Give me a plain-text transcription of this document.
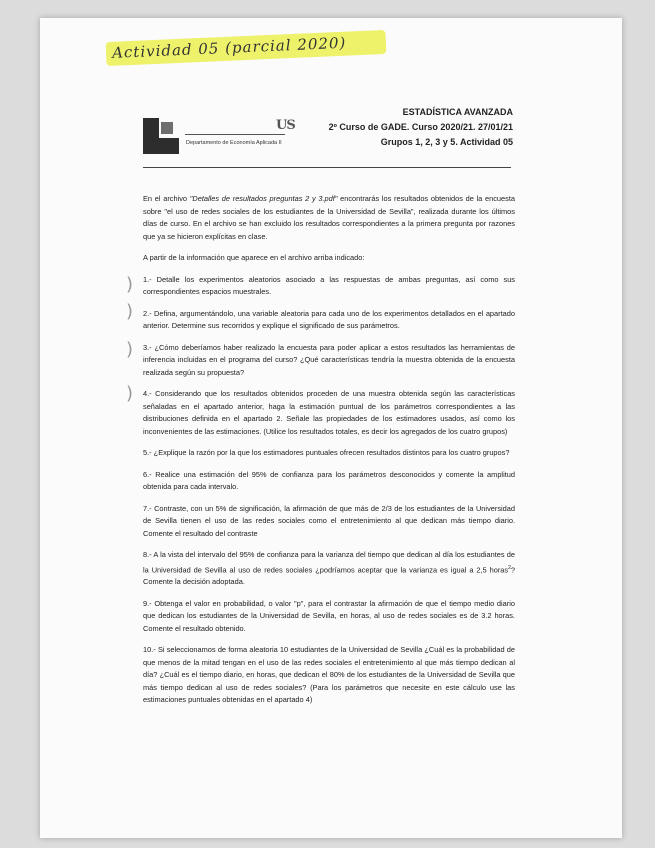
Actividad 05 (parcial 2020)
Departamento de Economía Aplicada II
US
ESTADÍSTICA AVANZADA
2º Curso de GADE. Curso 2020/21. 27/01/21
Grupos 1, 2, 3 y 5. Actividad 05
)
)
)
)

En el archivo "Detalles de resultados preguntas 2 y 3.pdf" encontrarás los resultados obtenidos de la encuesta sobre "el uso de redes sociales de los estudiantes de la Universidad de Sevilla", realizada durante los últimos días de curso. En el archivo se han excluido los resultados correspondientes a la primera pregunta por razones que ya se hicieron explícitas en clase.

A partir de la información que aparece en el archivo arriba indicado:

1.- Detalle los experimentos aleatorios asociado a las respuestas de ambas preguntas, así como sus correspondientes espacios muestrales.

2.- Defina, argumentándolo, una variable aleatoria para cada uno de los experimentos detallados en el apartado anterior. Determine sus recorridos y explique el significado de sus parámetros.

3.- ¿Cómo deberíamos haber realizado la encuesta para poder aplicar a estos resultados las herramientas de inferencia incluidas en el programa del curso? ¿Qué características tendría la muestra obtenida de la encuesta realizada según su propuesta?

4.- Considerando que los resultados obtenidos proceden de una muestra obtenida según las características señaladas en el apartado anterior, haga la estimación puntual de los parámetros correspondientes a las distribuciones definida en el apartado 2. Señale las propiedades de los estimadores usados, así como los inconvenientes de las estimaciones. (Utilice los resultados totales, es decir los agregados de los cuatro grupos)

5.- ¿Explique la razón por la que los estimadores puntuales ofrecen resultados distintos para los cuatro grupos?

6.- Realice una estimación del 95% de confianza para los parámetros desconocidos y comente la amplitud obtenida para cada intervalo.

7.- Contraste, con un 5% de significación, la afirmación de que más de 2/3 de los estudiantes de la Universidad de Sevilla tienen el uso de las redes sociales como el entretenimiento al que dedican más tiempo diario. Comente el resultado del contraste

8.- A la vista del intervalo del 95% de confianza para la varianza del tiempo que dedican al día los estudiantes de la Universidad de Sevilla al uso de redes sociales ¿podríamos aceptar que la varianza es igual a 2,5 horas$^2$? Comente la decisión adoptada.

9.- Obtenga el valor en probabilidad, o valor "p", para el contrastar la afirmación de que el tiempo medio diario que dedican los estudiantes de la Universidad de Sevilla, en horas, al uso de redes sociales es de 3.2 horas. Comente el resultado obtenido.

10.- Si seleccionamos de forma aleatoria 10 estudiantes de la Universidad de Sevilla ¿Cuál es la probabilidad de que menos de la mitad tengan en el uso de las redes sociales el entretenimiento al que más tiempo dedican al día? ¿Cuál es el tiempo diario, en horas, que dedican el 80% de los estudiantes de la Universidad de Sevilla que más tiempo dedican al uso de redes sociales? (Para los parámetros que necesite en este cálculo use las estimaciones puntuales obtenidas en el apartado 4)
